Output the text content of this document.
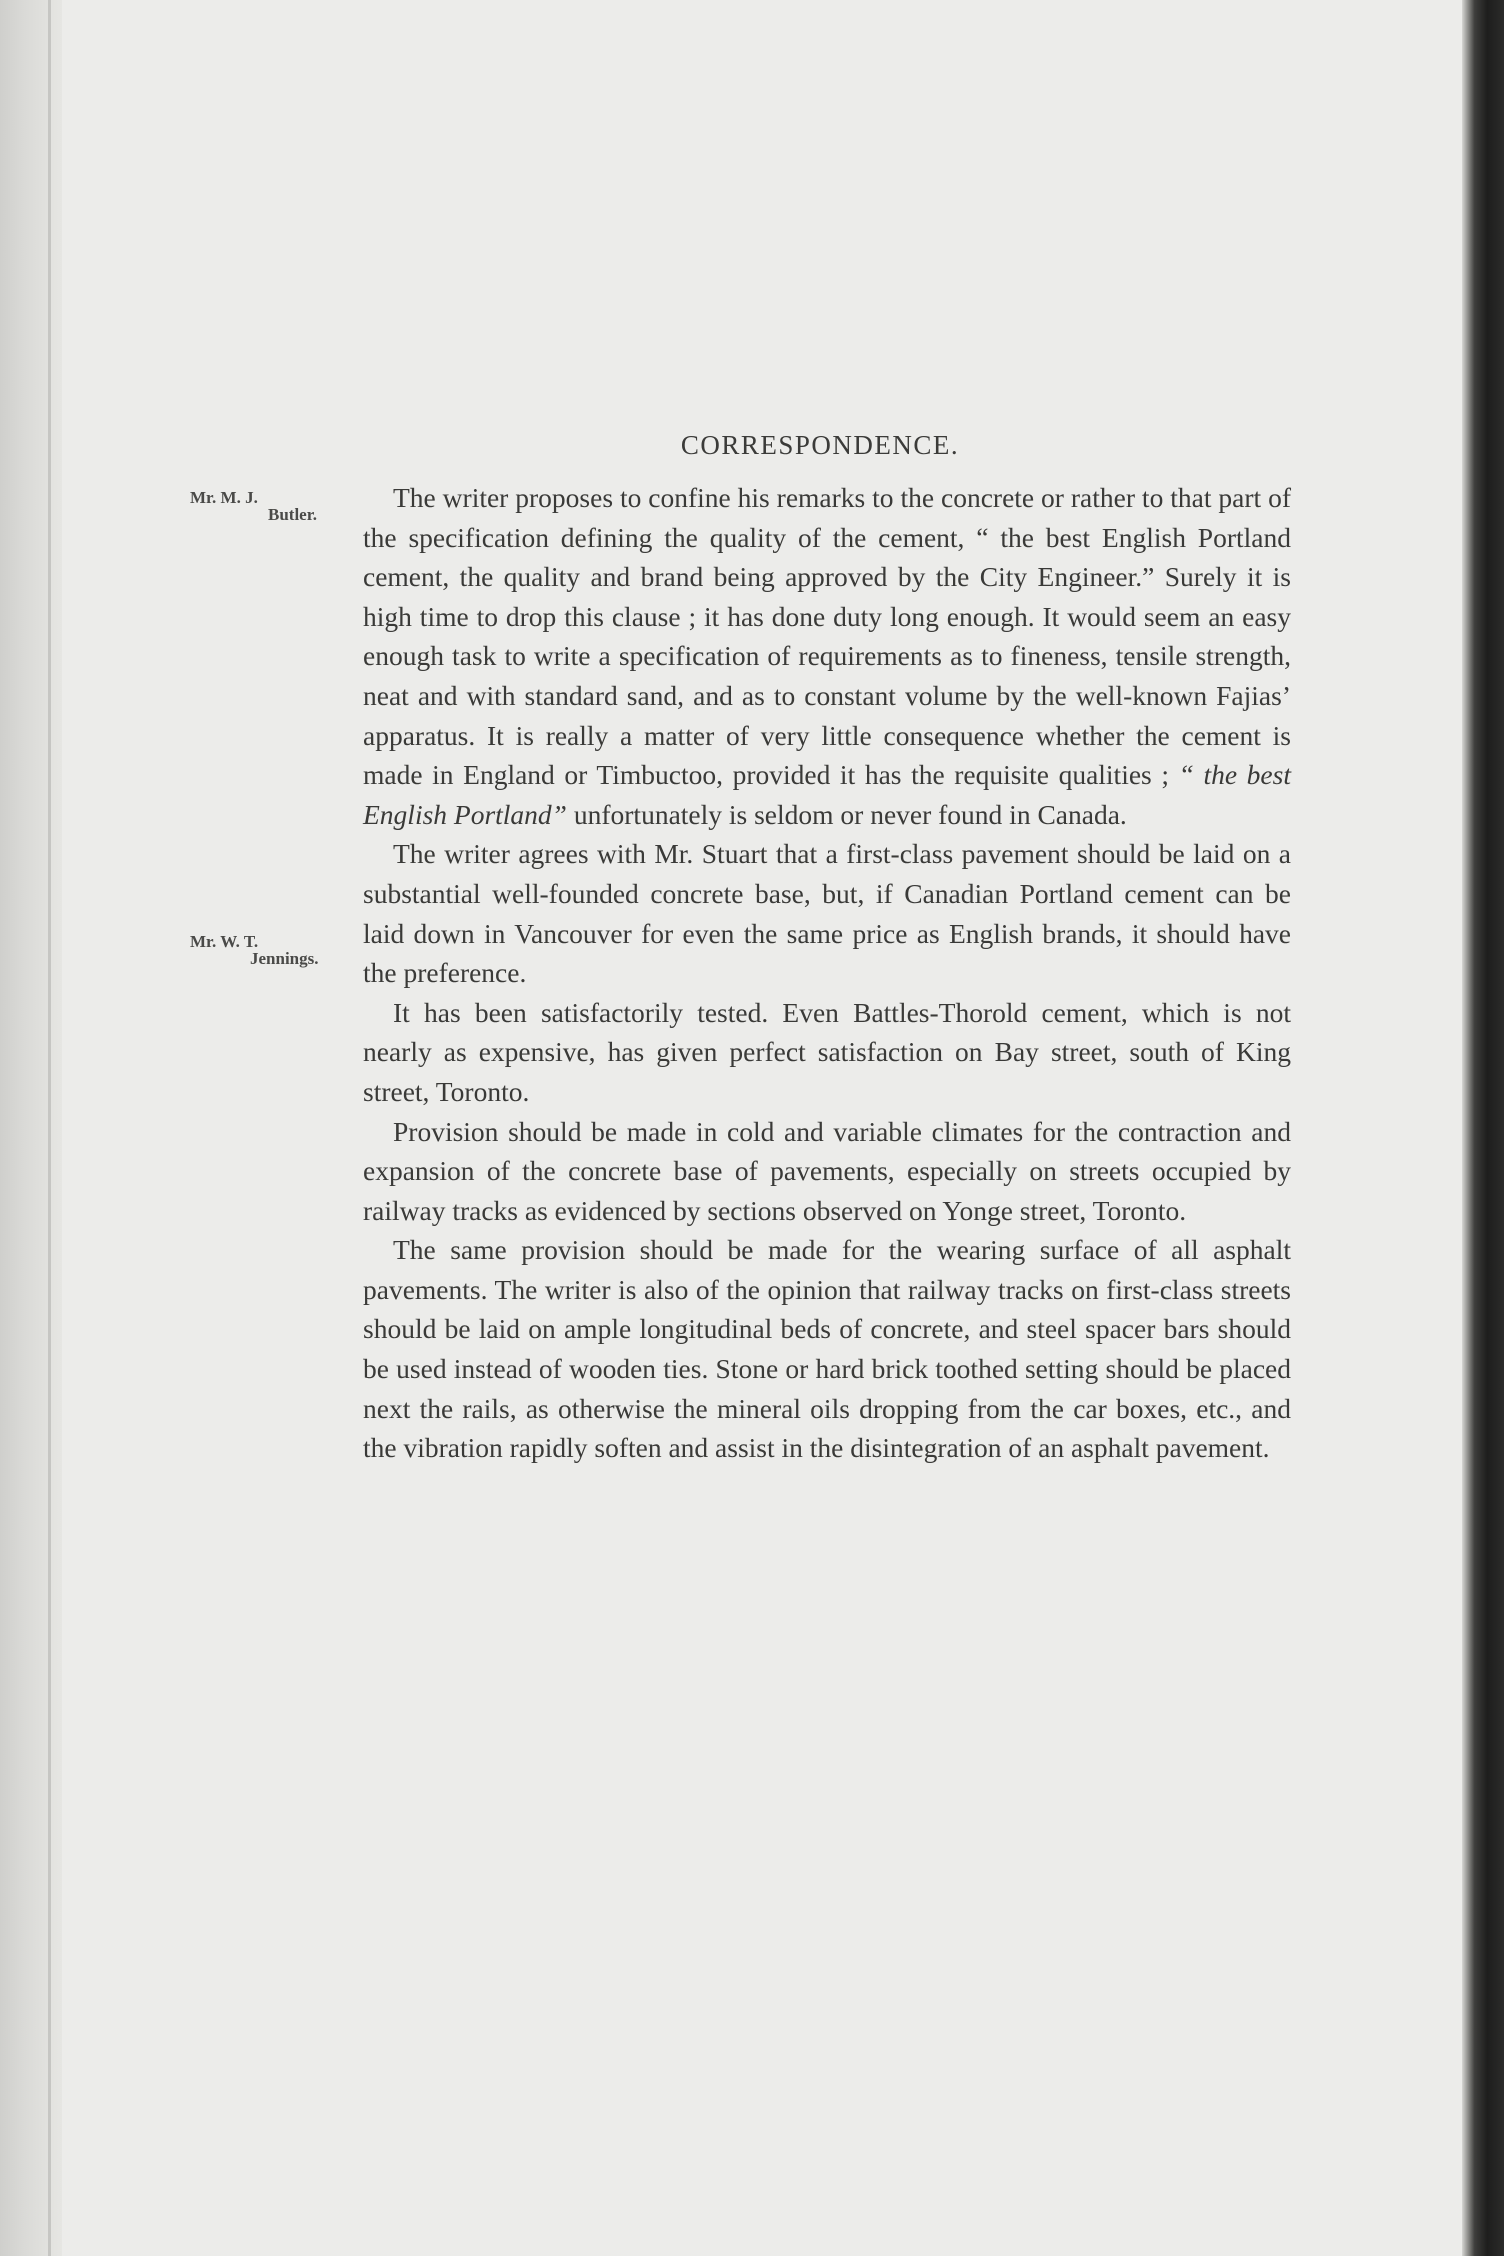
CORRESPONDENCE.
Mr. M. J.
Butler.
Mr. W. T.
Jennings.

The writer proposes to confine his remarks to the concrete or rather to that part of the specification defining the quality of the cement, “ the best English Portland cement, the quality and brand being approved by the City Engineer.” Surely it is high time to drop this clause ; it has done duty long enough. It would seem an easy enough task to write a specification of requirements as to fineness, tensile strength, neat and with standard sand, and as to constant volume by the well-known Fajias’ apparatus. It is really a matter of very little consequence whether the cement is made in England or Timbuctoo, provided it has the requisite qualities ; “ the best English Portland” unfortunately is seldom or never found in Canada.

The writer agrees with Mr. Stuart that a first-class pavement should be laid on a substantial well-founded concrete base, but, if Canadian Portland cement can be laid down in Vancouver for even the same price as English brands, it should have the preference.

It has been satisfactorily tested. Even Battles-Thorold cement, which is not nearly as expensive, has given perfect satisfaction on Bay street, south of King street, Toronto.

Provision should be made in cold and variable climates for the contraction and expansion of the concrete base of pavements, especially on streets occupied by railway tracks as evidenced by sections observed on Yonge street, Toronto.

The same provision should be made for the wearing surface of all asphalt pavements. The writer is also of the opinion that railway tracks on first-class streets should be laid on ample longitudinal beds of concrete, and steel spacer bars should be used instead of wooden ties. Stone or hard brick toothed setting should be placed next the rails, as otherwise the mineral oils dropping from the car boxes, etc., and the vibration rapidly soften and assist in the disintegration of an asphalt pavement.
